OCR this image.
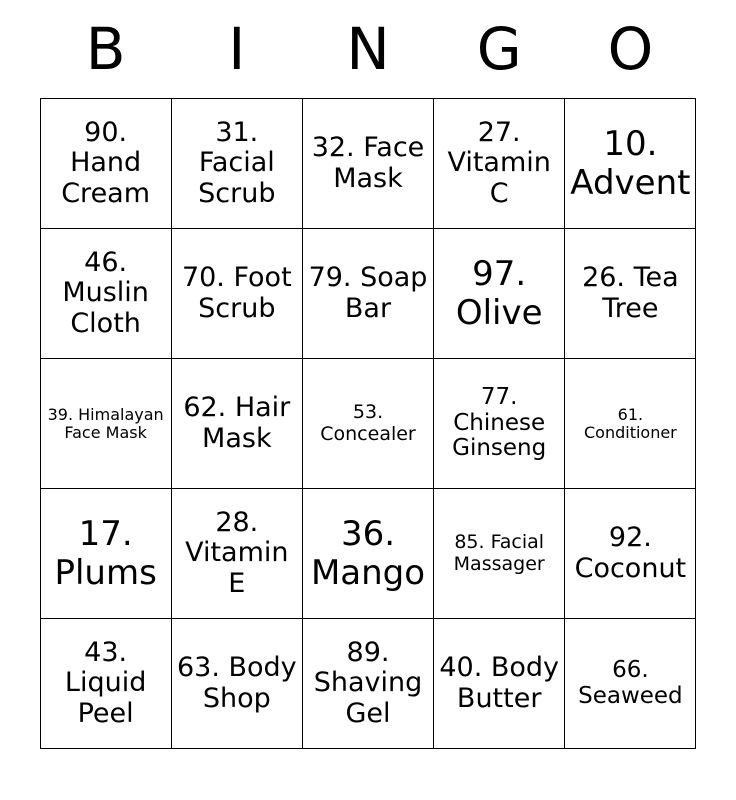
B	I	N	G	O
90. Hand Cream	31. Facial Scrub	32. Face Mask	27. Vitamin C	10. Advent
46. Muslin Cloth	70. Foot Scrub	79. Soap Bar	97. Olive	26. Tea Tree
39. Himalayan Face Mask	62. Hair Mask	53. Concealer	77. Chinese Ginseng	61. Conditioner
17. Plums	28. Vitamin E	36. Mango	85. Facial Massager	92. Coconut
43. Liquid Peel	63. Body Shop	89. Shaving Gel	40. Body Butter	66. Seaweed
